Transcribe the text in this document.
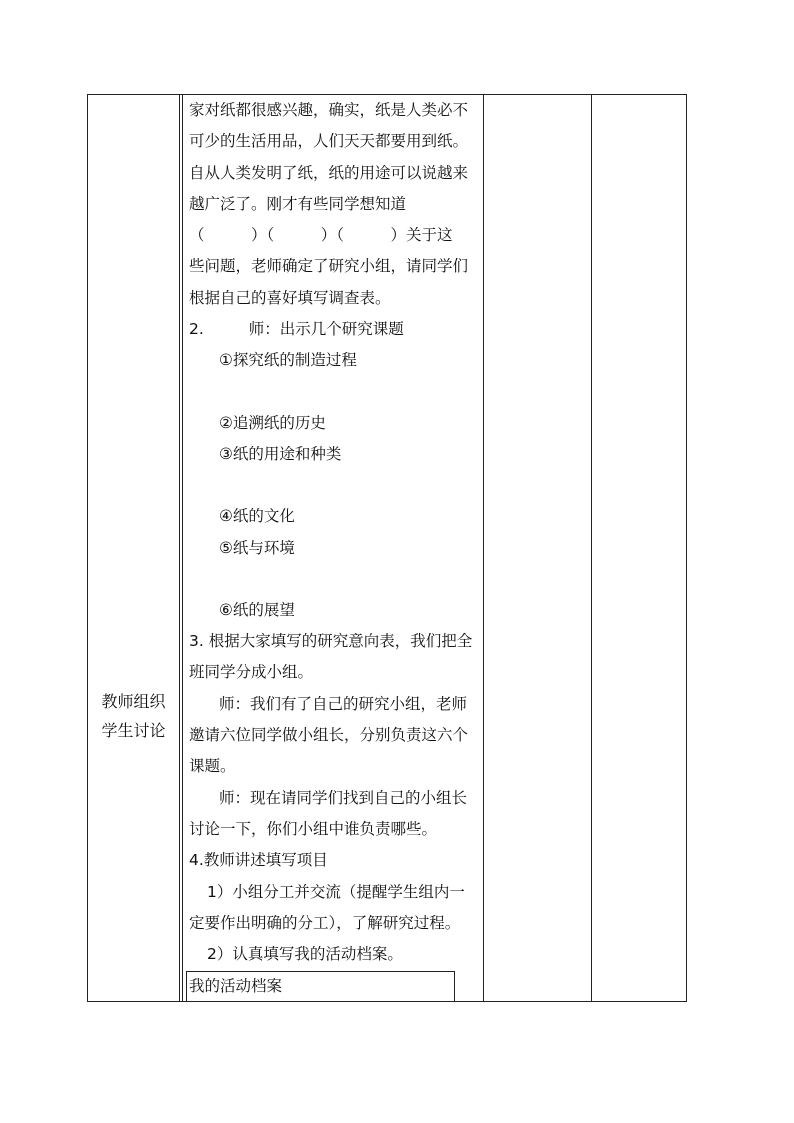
教师组织
学生讨论

家对纸都很感兴趣，确实，纸是人类必不

可少的生活用品，人们天天都要用到纸。

自从人类发明了纸，纸的用途可以说越来

越广泛了。刚才有些同学想知道

（　　　）（　　　）（　　　）关于这

些问题，老师确定了研究小组，请同学们

根据自己的喜好填写调查表。

2.	师：出示几个研究课题

①探究纸的制造过程

②追溯纸的历史

③纸的用途和种类

④纸的文化

⑤纸与环境

⑥纸的展望

3. 根据大家填写的研究意向表，我们把全

班同学分成小组。

师：我们有了自己的研究小组，老师

邀请六位同学做小组长，分别负责这六个

课题。

师：现在请同学们找到自己的小组长

讨论一下，你们小组中谁负责哪些。

4.教师讲述填写项目

1）小组分工并交流（提醒学生组内一

定要作出明确的分工），了解研究过程。

2）认真填写我的活动档案。

我的活动档案
